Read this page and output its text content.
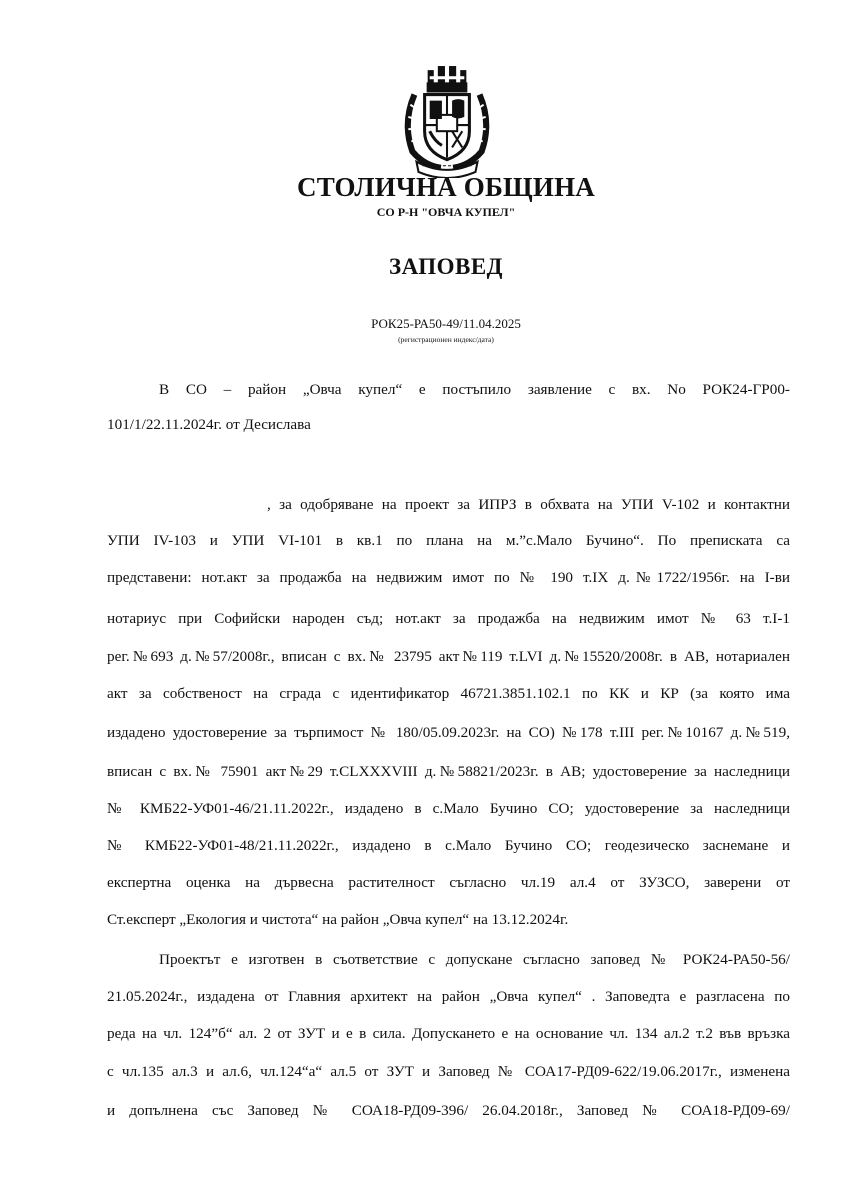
СТОЛИЧНА ОБЩИНА
СО Р-Н "ОВЧА КУПЕЛ"
ЗАПОВЕД
РОК25-РА50-49/11.04.2025
(регистрационен индекс/дата)
В СО – район „Овча купел“ е постъпило заявление с вх. No РОК24-ГР00-
101/1/22.11.2024г. от Десислава
, за одобряване на проект за ИПРЗ в обхвата на УПИ V-102 и контактни
УПИ IV-103 и УПИ VI-101 в кв.1 по плана на м.”с.Мало Бучино“. По преписката са
представени: нот.акт за продажба на недвижим имот по № 190 т.IX д.№1722/1956г. на I-ви
нотариус при Софийски народен съд; нот.акт за продажба на недвижим имот № 63 т.I-1
рег.№693 д.№57/2008г., вписан с вх.№ 23795 акт№119 т.LVI д.№15520/2008г. в АВ, нотариален
акт за собственост на сграда с идентификатор 46721.3851.102.1 по КК и КР (за която има
издадено удостоверение за търпимост № 180/05.09.2023г. на СО) №178 т.III рег.№10167 д.№519,
вписан с вх.№ 75901 акт№29 т.CLXXXVIII д.№58821/2023г. в АВ; удостоверение за наследници
№ КМБ22-УФ01-46/21.11.2022г., издадено в с.Мало Бучино СО; удостоверение за наследници
№ КМБ22-УФ01-48/21.11.2022г., издадено в с.Мало Бучино СО; геодезическо заснемане и
експертна оценка на дървесна растителност съгласно чл.19 ал.4 от ЗУЗСО, заверени от
Ст.експерт „Екология и чистота“ на район „Овча купел“ на 13.12.2024г.
Проектът е изготвен в съответствие с допускане съгласно заповед № РОК24-РА50-56/
21.05.2024г., издадена от Главния архитект на район „Овча купел“ . Заповедта е разгласена по
реда на чл. 124”б“ ал. 2 от ЗУТ и е в сила. Допускането е на основание чл. 134 ал.2 т.2 във връзка
с чл.135 ал.3 и ал.6, чл.124“а“ ал.5 от ЗУТ и Заповед № СОА17-РД09-622/19.06.2017г., изменена
и допълнена със Заповед № СОА18-РД09-396/ 26.04.2018г., Заповед № СОА18-РД09-69/
